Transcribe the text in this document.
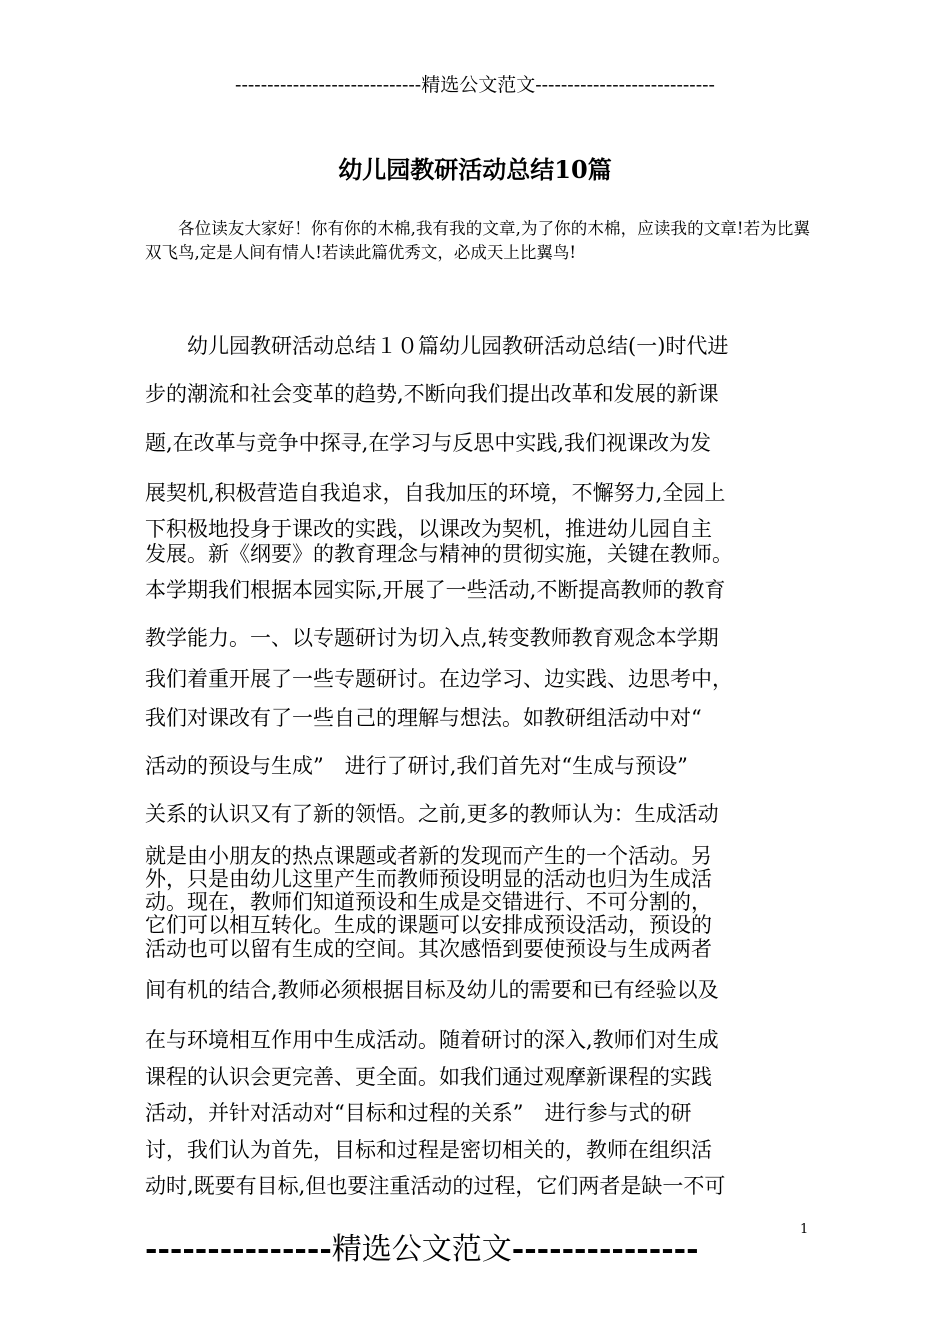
-----------------------------精选公文范文----------------------------
幼儿园教研活动总结10篇
各位读友大家好！你有你的木棉,我有我的文章,为了你的木棉，应读我的文章!若为比翼双飞鸟,定是人间有情人!若读此篇优秀文，必成天上比翼鸟!
　　幼儿园教研活动总结１０篇幼儿园教研活动总结(一)时代进
步的潮流和社会变革的趋势,不断向我们提出改革和发展的新课
题,在改革与竞争中探寻,在学习与反思中实践,我们视课改为发
展契机,积极营造自我追求，自我加压的环境，不懈努力,全园上
下积极地投身于课改的实践，以课改为契机，推进幼儿园自主
发展。新《纲要》的教育理念与精神的贯彻实施，关键在教师。
本学期我们根据本园实际,开展了一些活动,不断提高教师的教育
教学能力。一、以专题研讨为切入点,转变教师教育观念本学期
我们着重开展了一些专题研讨。在边学习、边实践、边思考中，
我们对课改有了一些自己的理解与想法。如教研组活动中对“
活动的预设与生成”　进行了研讨,我们首先对“生成与预设”
关系的认识又有了新的领悟。之前,更多的教师认为：生成活动
就是由小朋友的热点课题或者新的发现而产生的一个活动。另
外，只是由幼儿这里产生而教师预设明显的活动也归为生成活
动。现在，教师们知道预设和生成是交错进行、不可分割的，
它们可以相互转化。生成的课题可以安排成预设活动，预设的
活动也可以留有生成的空间。其次感悟到要使预设与生成两者
间有机的结合,教师必须根据目标及幼儿的需要和已有经验以及
在与环境相互作用中生成活动。随着研讨的深入,教师们对生成
课程的认识会更完善、更全面。如我们通过观摩新课程的实践
活动，并针对活动对“目标和过程的关系”　进行参与式的研
讨，我们认为首先，目标和过程是密切相关的，教师在组织活
动时,既要有目标,但也要注重活动的过程，它们两者是缺一不可
---------------精选公文范文---------------
1
